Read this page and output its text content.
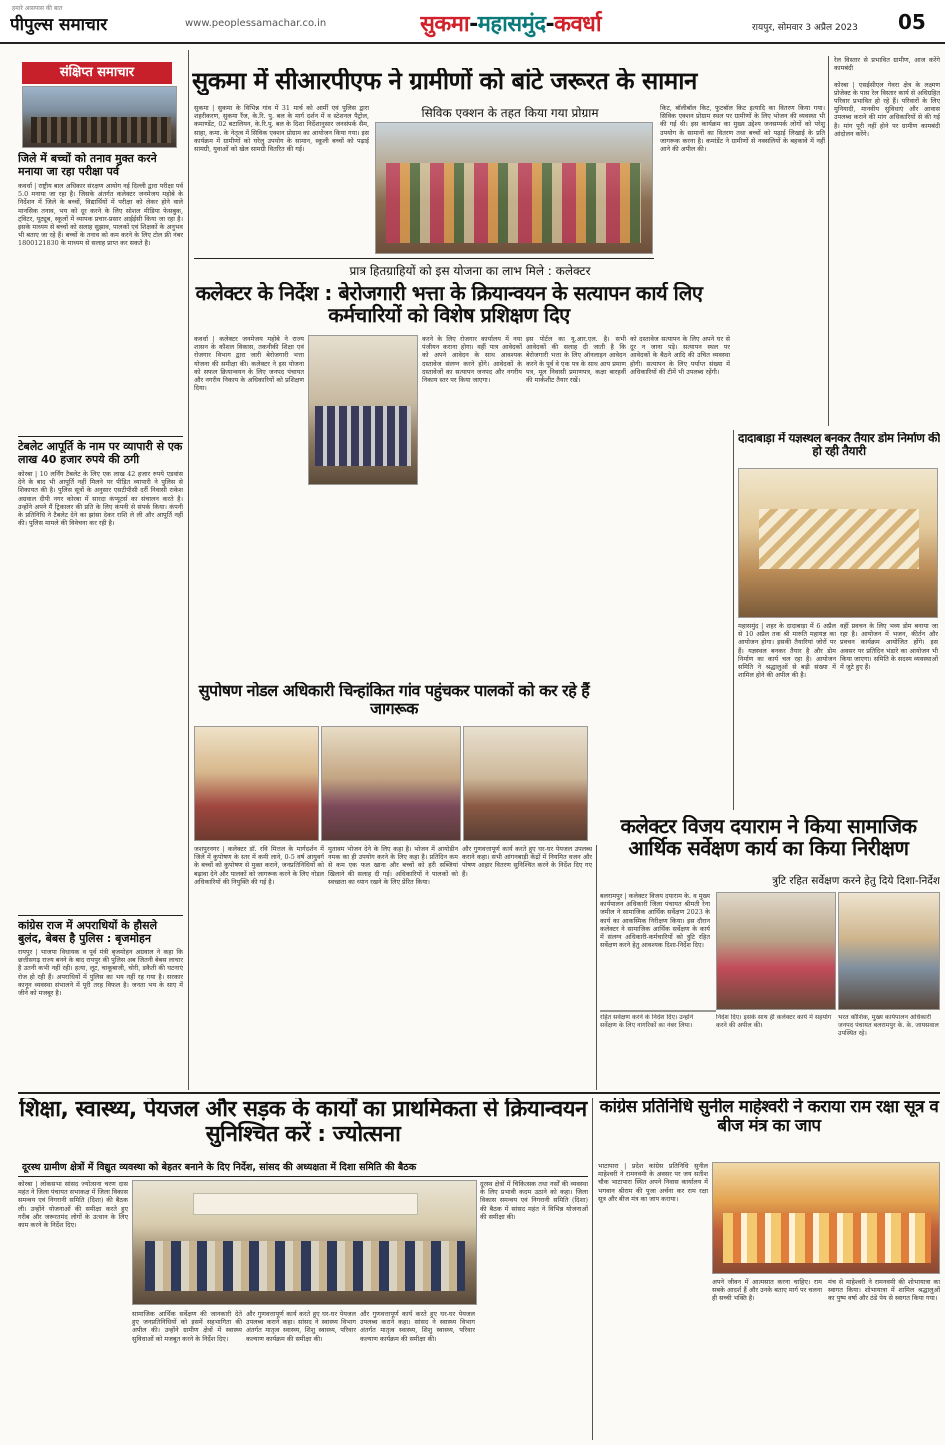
हमारे आसपास की बात
पीपुल्स समाचार	www.peoplessamachar.co.in	सुकमा-महासमुंद-कवर्धा	रायपुर, सोमवार 3 अप्रैल 2023 05
संक्षिप्त समाचार
जिले में बच्चों को तनाव मुक्त करने मनाया जा रहा परीक्षा पर्व
कवर्धा | राष्ट्रीय बाल अधिकार संरक्षण आयोग नई दिल्ली द्वारा परीक्षा पर्व 5.0 मनाया जा रहा है। जिसके अंतर्गत कलेक्टर जनमेजय महोबे के निर्देशन में जिले के बच्चों, विद्यार्थियों में परीक्षा को लेकर होने वाले मानसिक तनाव, भय को दूर करने के लिए सोशल मीडिया फेसबुक, ट्विटर, यूट्यूब, स्कूलों में व्यापक प्रचार-प्रसार आईईसी किया जा रहा है। इसके माध्यम से बच्चों को सलाह सुझाव, पालकों एवं शिक्षकों के अनुभव भी बताए जा रहे हैं। बच्चों के तनाव को कम करने के लिए टोल फ्री नंबर 1800121830 के माध्यम से सलाह प्राप्त कर सकते है।
टेबलेट आपूर्ति के नाम पर व्यापारी से एक लाख 40 हजार रुपये की ठगी
कोरबा | 10 लर्निंग टैबलेट के लिए एक लाख 42 हजार रुपये एडवांस देने के बाद भी आपूर्ति नहीं मिलने पर पीड़ित व्यापारी ने पुलिस से शिकायत की है। पुलिस सूत्रों के अनुसार एसटीपीसी दर्री निवासी राकेश अग्रवाल दीपी नगर कोरबा में सारदा कंप्यूटर्स का संचालन करते है। उन्होंने अपने मैं ट्रिकालर की प्रति के लिए कंपनी से संपर्क किया। कंपनी के प्रतिनिधि ने टैबलेट देने का झांसा देकर राशि ले ली और आपूर्ति नहीं की। पुलिस मामले की विवेचना कर रही है।
कांग्रेस राज में अपराधियों के हौसले बुलंद, बेबस है पुलिस : बृजमोहन
रायपुर | भाजपा विधायक व पूर्व मंत्री बृजमोहन अग्रवाल ने कहा कि छत्तीसगढ़ राज्य बनने के बाद रायपुर की पुलिस अब जितनी बेबस लाचार है उतनी कभी नहीं रही। हत्या, लूट, चाकूबाजी, चोरी, डकैती की घटनाएं रोज हो रही हैं। अपराधियों में पुलिस का भय नहीं रह गया है। सरकार कानून व्यवस्था संभालने में पूरी तरह विफल है। जनता भय के साए में जीने को मजबूर है।
सुकमा में सीआरपीएफ ने ग्रामीणों को बांटे जरूरत के सामान
सिविक एक्शन के तहत किया गया प्रोग्राम
सुकमा | सुकमा के विभिन्न गांव में 31 मार्च को आर्मी एवं पुलिस द्वारा शहरीकरण, सुकमा रैंज, के.रि. पु. बल के मार्ग दर्शन में व स्टेशनल पैट्रोल, कमाण्डेंट, 02 बटालियन, के.रि.पु. बल के दिशा निर्देशानुसार जनसंपर्क सैम, साहा, कमा. के नेतृत्व में सिविक एक्शन प्रोग्राम का आयोजन किया गया। इस कार्यक्रम में ग्रामीणों को घरेलु उपयोग के सामान, स्कूली बच्चों को पढ़ाई सामग्री, युवाओं को खेल सामग्री वितरित की गई।
किट, बॉलीबॉल किट, फुटबॉल किट इत्यादि का वितरण किया गया। सिविक एक्शन प्रोग्राम स्थल पर ग्रामीणों के लिए भोजन की व्यवस्था भी की गई थी। इस कार्यक्रम का मुख्य उद्देश्य जनसम्पर्क लोगों को परेशु उपयोग के सामानों का वितरण तथा बच्चों को पढ़ाई लिखाई के प्रति जागरूक करना है। कमांडेंट ने ग्रामीणों से नक्सलियों के बहकावे में नहीं आने की अपील की।
रेल विस्तार से प्रभावित ग्रामीण, आज करेंगे कामबंदी

कोरबा | एसईसीएल गेवरा क्षेत्र के लक्ष्मण प्रोजेक्ट के पास रेल विस्तार कार्य से अधिग्रहित परिवार प्रभावित हो रहे हैं। परिवारों के लिए मुनियादी, मानवीय सुविधाएं और आवास उपलब्ध कराने की मांग अधिकारियों से की गई है। मांग पूरी नहीं होने पर ग्रामीण कामबंदी आंदोलन करेंगे।
प्रात्र हितग्राहियों को इस योजना का लाभ मिले : कलेक्टर
कलेक्टर के निर्देश : बेरोजगारी भत्ता के क्रियान्वयन के सत्यापन कार्य लिए कर्मचारियों को विशेष प्रशिक्षण दिए
कवर्धा | कलेक्टर जनमेजय महोबे ने राज्य शासन के कौशल विकास, तकनीकी शिक्षा एवं रोजगार विभाग द्वारा जारी बेरोजगारी भत्ता योजना की समीक्षा की। कलेक्टर ने इस योजना को सफल क्रियान्वयन के लिए जनपद पंचायत और नगरीय निकाय के अधिकारियों को प्रशिक्षण दिया।
करने के लिए रोजगार कार्यालय में नया पंजीयन कराना होगा। वहीं पात्र आवेदकों को अपने आवेदन के साथ आवश्यक दस्तावेज संलग्न करने होंगे। आवेदकों के दस्तावेजों का सत्यापन जनपद और नगरीय निकाय स्तर पर किया जाएगा।
इस पोर्टल का यू.आर.एल. है। सभी आवेदकों की सलाह दी जाती है कि बेरोजगारी भत्ता के लिए ऑनलाइन आवेदन करने के पूर्व वे एक पत्र के साथ आय प्रमाण पत्र, मूल निवासी प्रमाणपत्र, कक्षा बारहवीं की मार्कशीट तैयार रखें।
को दस्तावेज सत्यापन के लिए अपने घर से दूर न जाना पड़े। सत्यापन स्थल पर आवेदकों के बैठने आदि की उचित व्यवस्था होगी। सत्यापन के लिए पर्याप्त संख्या में अधिकारियों की टीमें भी उपलब्ध रहेंगी।
दादाबाड़ा में यज्ञस्थल बनकर तैयार डोम निर्माण की हो रही तैयारी
महासमुंद | शहर के दादाबाड़ा में 6 अप्रैल से 10 अप्रैल तक श्री मारुति महायज्ञ का आयोजन होगा। इसकी तैयारियां जोरों पर हैं। यज्ञस्थल बनकर तैयार है और डोम निर्माण का कार्य चल रहा है। आयोजन समिति ने श्रद्धालुओं से बड़ी संख्या में शामिल होने की अपील की है।
वहीं प्रवचन के लिए भव्य डोम बनाया जा रहा है। आयोजन में भजन, कीर्तन और प्रवचन कार्यक्रम आयोजित होंगे। इस अवसर पर प्रतिदिन भंडारे का आयोजन भी किया जाएगा। समिति के सदस्य व्यवस्थाओं में जुटे हुए हैं।
सुपोषण नोडल अधिकारी चिन्हांकित गांव पहुंचकर पालकों को कर रहे हैं जागरूक
जशपुरनगर | कलेक्टर डॉ. रवि मित्तल के मार्गदर्शन में जिले में कुपोषण के स्तर में कमी लाने, 0-5 वर्ष आयुवर्ग के बच्चों को कुपोषण से मुक्त कराने, जनप्रतिनिधियों को बढ़ावा देने और पालकों को जागरूक करने के लिए नोडल अधिकारियों की नियुक्ति की गई है।
मुतावम भोजन देने के लिए कहा है। भोजन में आयोडीन नमक का ही उपयोग करने के लिए कहा है। प्रतिदिन कम से कम एक फल खाना और बच्चों को हरी सब्जियां खिलाने की सलाह दी गई। अधिकारियों ने पालकों को स्वच्छता का ध्यान रखने के लिए प्रेरित किया।
और गुणवत्तापूर्ण कार्य करते हुए घर-घर पेयजल उपलब्ध कराने कहा। सभी आंगनबाड़ी केंद्रों में नियमित वजन और पोषण आहार वितरण सुनिश्चित करने के निर्देश दिए गए हैं।
कलेक्टर विजय दयाराम ने किया सामाजिक आर्थिक सर्वेक्षण कार्य का किया निरीक्षण
त्रुटि रहित सर्वेक्षण करने हेतु दिये दिशा-निर्देश
बलरामपुर | कलेक्टर विजय दयाराम के. व मुख्य कार्यपालन अधिकारी जिला पंचायत श्रीमती रेना जमील ने सामाजिक आर्थिक सर्वेक्षण 2023 के कार्य का आकस्मिक निरीक्षण किया। इस दौरान कलेक्टर ने सामाजिक आर्थिक सर्वेक्षण के कार्य में संलग्न अधिकारी-कर्मचारियों को त्रुटि रहित सर्वेक्षण करने हेतु आवश्यक दिशा-निर्देश दिए।
रहित सर्वेक्षण करने के निर्देश दिए। उन्होंने सर्वेक्षण के लिए नागरिकों का नंबर लिया।
निर्देश दिए। इसके साथ ही कलेक्टर कार्य में सहयोग करने की अपील की।
भरत कौशिक, मुख्य कार्यपालन अधिकारी जनपद पंचायत बलरामपुर के. के. जायसवाल उपस्थित रहे।
शिक्षा, स्वास्थ्य, पेयजल और सड़क के कार्यों का प्राथमिकता से क्रियान्वयन सुनिश्चित करें : ज्योत्सना
दूरस्थ ग्रामीण क्षेत्रों में विद्युत व्यवस्था को बेहतर बनाने के दिए निर्देश, सांसद की अध्यक्षता में दिशा समिति की बैठक
कोरबा | लोकसभा सांसद ज्योत्सना चरण दास महंत ने जिला पंचायत सभाकक्ष में जिला विकास समन्वय एवं निगरानी समिति (दिशा) की बैठक ली। उन्होंने योजनाओं की समीक्षा करते हुए गरीब और जरूरतमंद लोगों के उत्थान के लिए काम करने के निर्देश दिए।
सामाजिक आर्थिक सर्वेक्षण की जानकारी देते हुए जनप्रतिनिधियों को इसमें सहभागिता की अपील की। उन्होंने ग्रामीण क्षेत्रों में स्वास्थ्य सुविधाओं को मजबूत करने के निर्देश दिए।
और गुणवत्तापूर्ण कार्य करते हुए घर-घर पेयजल उपलब्ध कराने कहा। सांसद ने स्वास्थ्य विभाग अंतर्गत मातृत्व स्वास्थ्य, शिशु स्वास्थ्य, परिवार कल्याण कार्यक्रम की समीक्षा की।
दूरस्थ क्षेत्रों में चिकित्सक तथा नर्सों की व्यवस्था के लिए प्रभावी कदम उठाने को कहा। जिला विकास समन्वय एवं निगरानी समिति (दिशा) की बैठक में सांसद महंत ने विभिन्न योजनाओं की समीक्षा की।
और गुणवत्तापूर्ण कार्य करते हुए घर-घर पेयजल उपलब्ध कराने कहा। सांसद ने स्वास्थ्य विभाग अंतर्गत मातृत्व स्वास्थ्य, शिशु स्वास्थ्य, परिवार कल्याण कार्यक्रम की समीक्षा की।
कांग्रेस प्रतिनिधि सुनील माहेश्वरी ने कराया राम रक्षा सूत्र व बीज मंत्र का जाप
भाटापारा | प्रदेश कांग्रेस प्रतिनिधि सुनील माहेश्वरी ने रामनवमी के अवसर पर जय सतीश चौक भाटापारा स्थित अपने निवास कार्यालय में भगवान श्रीराम की पूजा अर्चना कर राम रक्षा सूत्र और बीज मंत्र का जाप कराया।
अपने जीवन में आत्मसात करना चाहिए। राम सबके आदर्श हैं और उनके बताए मार्ग पर चलना ही सच्ची भक्ति है।
मंच से माहेश्वरी ने रामनवमी की शोभायात्रा का स्वागत किया। शोभायात्रा में शामिल श्रद्धालुओं का पुष्प वर्षा और ठंडे पेय से स्वागत किया गया।
